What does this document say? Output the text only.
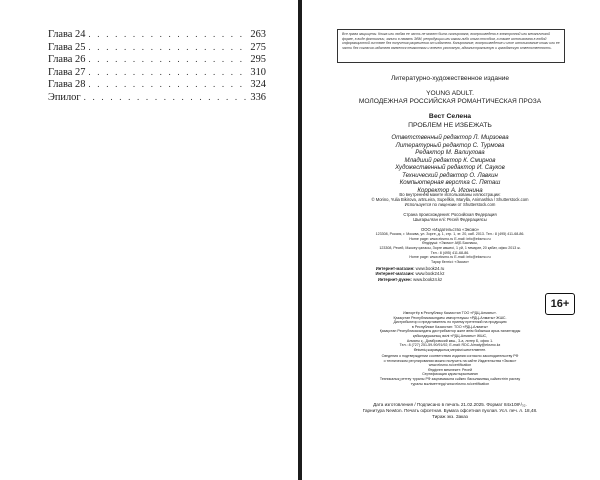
Глава 24 . . .	263
Глава 25 . . .	275
Глава 26 . . .	295
Глава 27 . . .	310
Глава 28 . . .	324
Эпилог . . .	336
Все права защищены. Книга или любая ее часть не может быть скопирована, воспроизведена в электронной или механической форме, в виде фотокопии, записи в память ЭВМ, репродукции или каким-либо иным способом, а также использована в любой информационной системе без получения разрешения от издателя. Копирование, воспроизведение и иное использование книги или ее части без согласия издателя является незаконным и влечет уголовную, административную и гражданскую ответственность.
Литературно-художественное издание
YOUNG ADULT.
МОЛОДЕЖНАЯ РОССИЙСКАЯ РОМАНТИЧЕСКАЯ ПРОЗА
Вест Селена
ПРОБЛЕМ НЕ ИЗБЕЖАТЬ
Ответственный редактор Л. Мирзоева
Литературный редактор С. Турмова
Редактор М. Валиулова
Младший редактор К. Смирнов
Художественный редактор И. Сауков
Технический редактор О. Лавкин
Компьютерная верстка С. Пяташ
Корректор А. Игонина
Во внутреннем макете использованы иллюстрации:
© Morino, Yulia Bikirova, artnLeira, Supellkin, Marylla, Animashka / Shutterstock.com
Используется по лицензии от Shutterstock.com
Страна происхождения: Российская Федерация
Шығарылған елі: Ресей Федерациясы
ООО «Издательство «Эксмо»
123308, Россия, г. Москва, ул. Зорге, д. 1, стр. 1, эт. 20, каб. 2013. Тел.: 8 (495) 411-68-86.
Home page: www.eksmo.ru E-mail: info@eksmo.ru
Өндіруші: «Эксмо» АҚБ Баспасы,
123308, Ресей, Мәскеу қаласы, Зорге көшесі, 1 үй, 1 ғимарат, 20 қабат, офис 2013 ж.
Тел.: 8 (495) 411-68-86.
Home page: www.eksmo.ru E-mail: info@eksmo.ru
Тауар белгісі: «Эксмо»
Интернет-магазин: www.book24.ru
Интернет-магазин: www.book24.kz
Интернет-дүкен: www.book24.kz
16+
Импортёр в Республику Казахстан ТОО «РДЦ-Алматы».
Қазақстан Республикасындағы импорттаушы «РДЦ-Алматы» ЖШС.
Дистрибьютор и представитель по приему претензий на продукцию
в Республике Казахстан: ТОО «РДЦ-Алматы»
Қазақстан Республикасындағы дистрибьютор және өнім бойынша арыз-талаптарды
қабылдаушының өкілі «РДЦ-Алматы» ЖШС,
Алматы қ., Домбровский көш., 3-а, литер Б, офис 1.
Тел.: 8 (727) 251-59-90/91/92; E-mail: RDC-Almaty@eksmo.kz
Өнімнің жарамдылық мерзімі шектелмеген.
Сведения о подтверждении соответствия издания согласно законодательству РФ
о техническом регулировании можно получить на сайте Издательства «Эксмо»
www.eksmo.ru/certification
Өндірген мемлекет: Ресей
Сертификация қарастырылмаған
Техникалық реттеу туралы РФ заңнамасына сәйкес басылымның сәйкестігін растау
туралы мәліметтерді www.eksmo.ru/certification
Дата изготовления / Подписано в печать 21.02.2025. Формат 84x108¹/₃₂.
Гарнитура Newton. Печать офсетная. Бумага офсетная пухлая. Усл. печ. л. 18,48.
Тираж экз. Заказ
